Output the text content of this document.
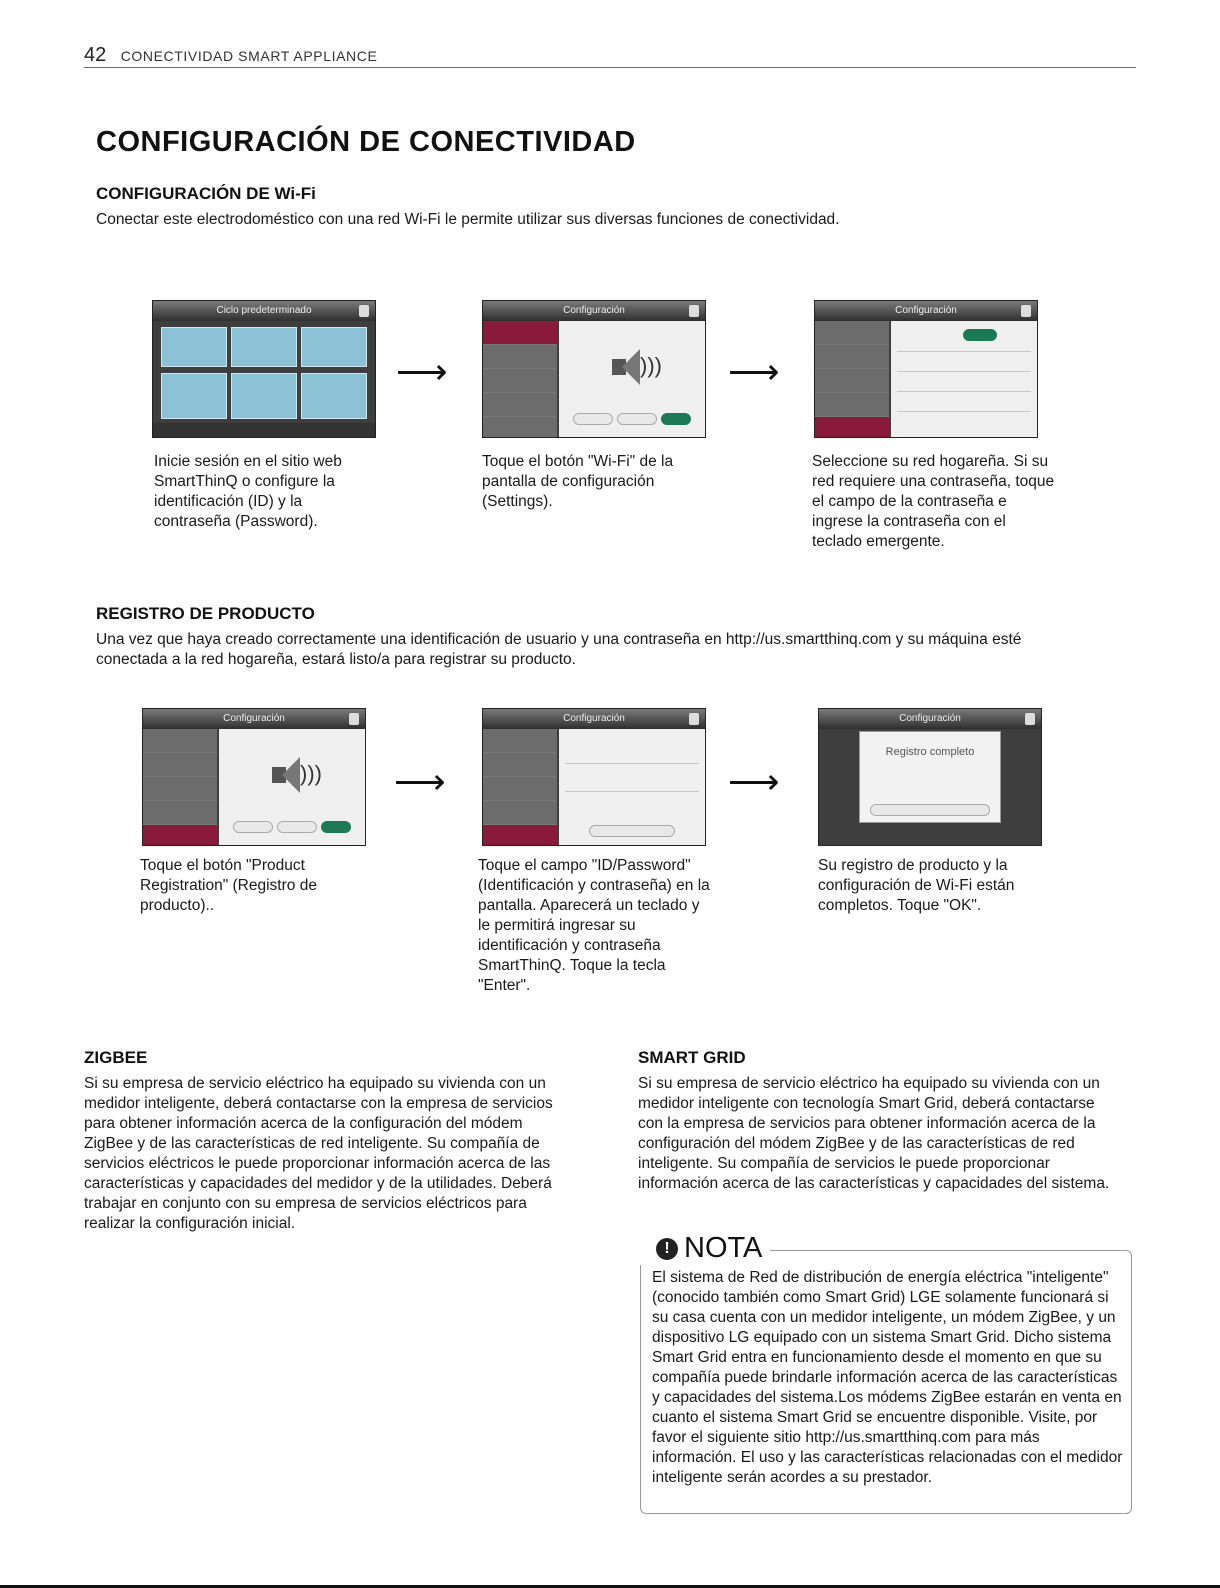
42 CONECTIVIDAD SMART APPLIANCE
CONFIGURACIÓN DE CONECTIVIDAD
CONFIGURACIÓN DE Wi-Fi
Conectar este electrodoméstico con una red Wi-Fi le permite utilizar sus diversas funciones de conectividad.
Ciclo predeterminado
⟶
Configuración
))) ⟶
Configuración
Inicie sesión en el sitio web SmartThinQ o configure la identificación (ID) y la contraseña (Password).
Toque el botón "Wi-Fi" de la pantalla de configuración (Settings).
Seleccione su red hogareña. Si su red requiere una contraseña, toque el campo de la contraseña e ingrese la contraseña con el teclado emergente.
REGISTRO DE PRODUCTO
Una vez que haya creado correctamente una identificación de usuario y una contraseña en http://us.smartthinq.com y su máquina esté conectada a la red hogareña, estará listo/a para registrar su producto.
Configuración
))) ⟶
Configuración
⟶
Configuración
Registro completo
Toque el botón "Product Registration" (Registro de producto)..
Toque el campo "ID/Password" (Identificación y contraseña) en la pantalla. Aparecerá un teclado y le permitirá ingresar su identificación y contraseña SmartThinQ. Toque la tecla "Enter".
Su registro de producto y la configuración de Wi-Fi están completos. Toque "OK".
ZIGBEE
Si su empresa de servicio eléctrico ha equipado su vivienda con un medidor inteligente, deberá contactarse con la empresa de servicios para obtener información acerca de la configuración del módem ZigBee y de las características de red inteligente. Su compañía de servicios eléctricos le puede proporcionar información acerca de las características y capacidades del medidor y de la utilidades. Deberá trabajar en conjunto con su empresa de servicios eléctricos para realizar la configuración inicial.
SMART GRID
Si su empresa de servicio eléctrico ha equipado su vivienda con un medidor inteligente con tecnología Smart Grid, deberá contactarse con la empresa de servicios para obtener información acerca de la configuración del módem ZigBee y de las características de red inteligente. Su compañía de servicios le puede proporcionar información acerca de las características y capacidades del sistema.
! NOTA
El sistema de Red de distribución de energía eléctrica "inteligente" (conocido también como Smart Grid) LGE solamente funcionará si su casa cuenta con un medidor inteligente, un módem ZigBee, y un dispositivo LG equipado con un sistema Smart Grid. Dicho sistema Smart Grid entra en funcionamiento desde el momento en que su compañía puede brindarle información acerca de las características y capacidades del sistema.Los módems ZigBee estarán en venta en cuanto el sistema Smart Grid se encuentre disponible. Visite, por favor el siguiente sitio http://us.smartthinq.com para más información. El uso y las características relacionadas con el medidor inteligente serán acordes a su prestador.
